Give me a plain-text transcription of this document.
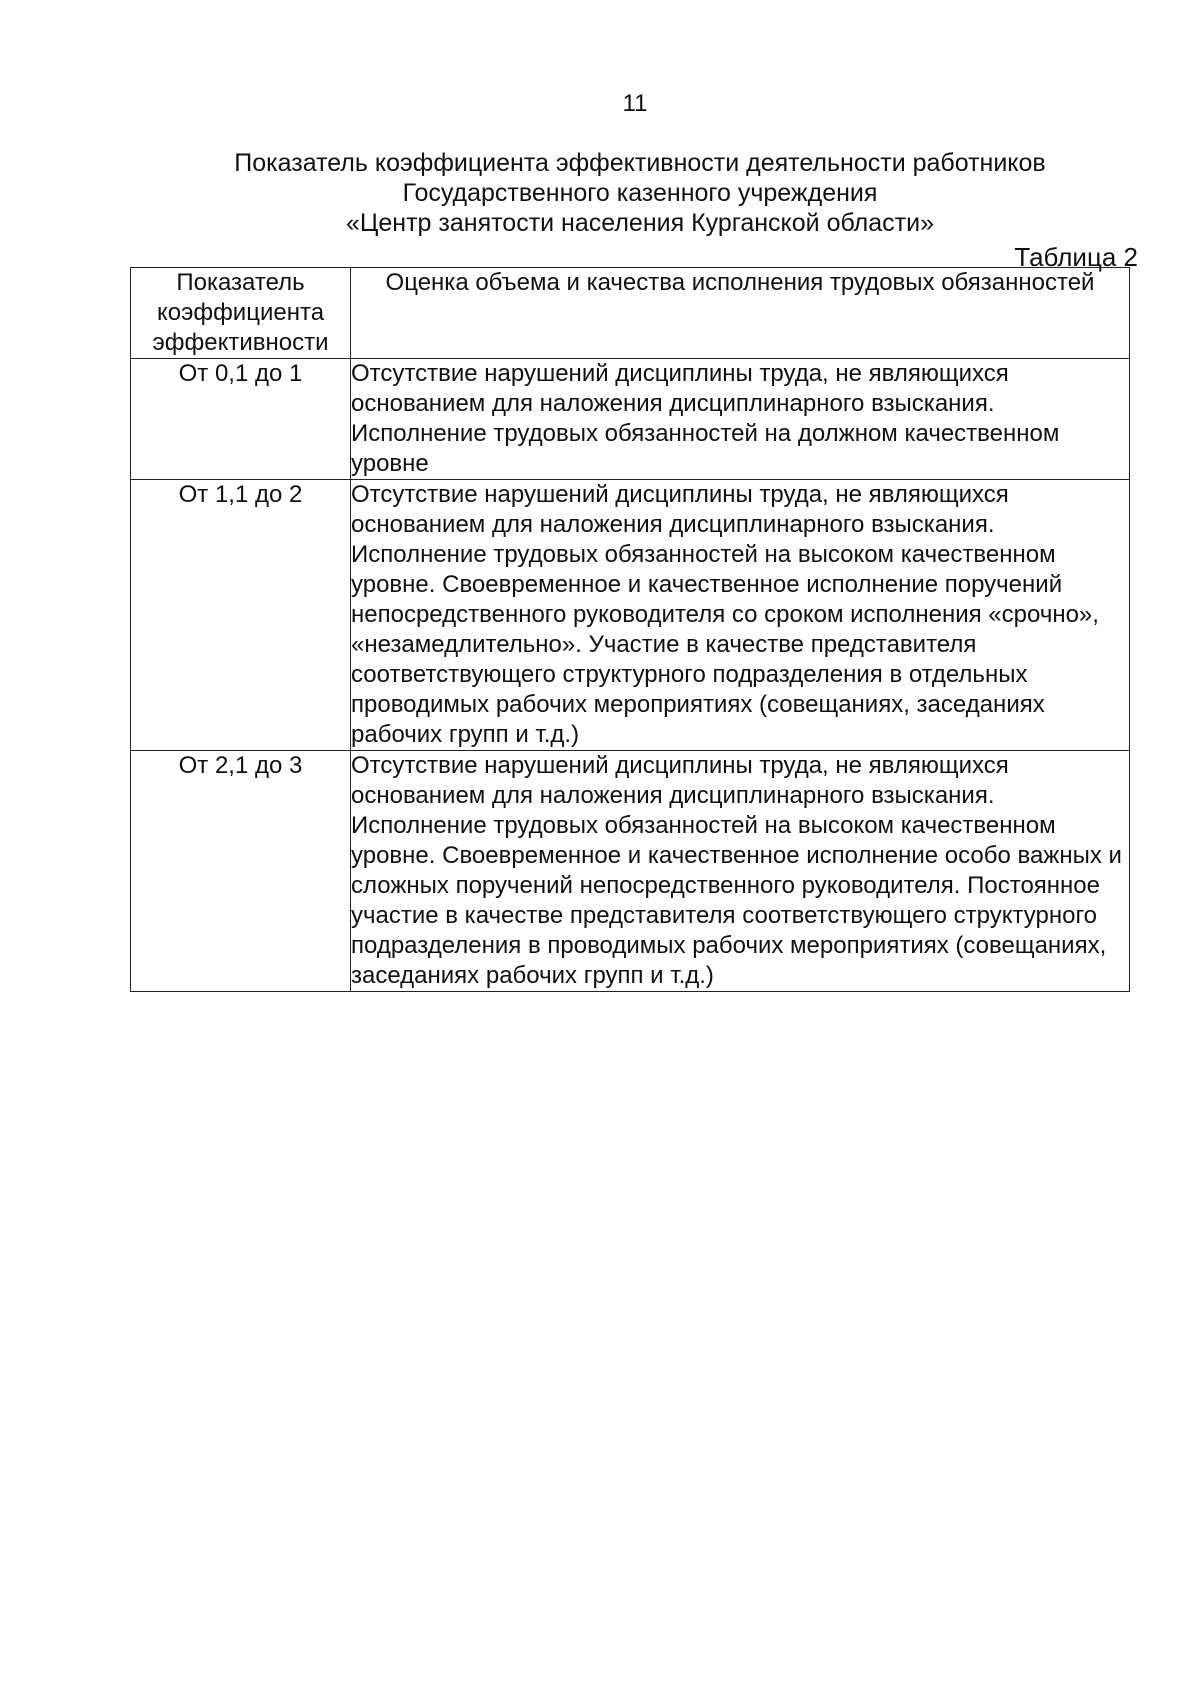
11
Показатель коэффициента эффективности деятельности работников
Государственного казенного учреждения
«Центр занятости населения Курганской области»
Таблица 2
Показатель коэффициента эффективности	Оценка объема и качества исполнения трудовых обязанностей
От 0,1 до 1	Отсутствие нарушений дисциплины труда, не являющихся основанием для наложения дисциплинарного взыскания. Исполнение трудовых обязанностей на должном качественном уровне
От 1,1 до 2	Отсутствие нарушений дисциплины труда, не являющихся основанием для наложения дисциплинарного взыскания. Исполнение трудовых обязанностей на высоком качественном уровне. Своевременное и качественное исполнение поручений непосредственного руководителя со сроком исполнения «срочно», «незамедлительно». Участие в качестве представителя соответствующего структурного подразделения в отдельных проводимых рабочих мероприятиях (совещаниях, заседаниях рабочих групп и т.д.)
От 2,1 до 3	Отсутствие нарушений дисциплины труда, не являющихся основанием для наложения дисциплинарного взыскания. Исполнение трудовых обязанностей на высоком качественном уровне. Своевременное и качественное исполнение особо важных и сложных поручений непосредственного руководителя. Постоянное участие в качестве представителя соответствующего структурного подразделения в проводимых рабочих мероприятиях (совещаниях, заседаниях рабочих групп и т.д.)
